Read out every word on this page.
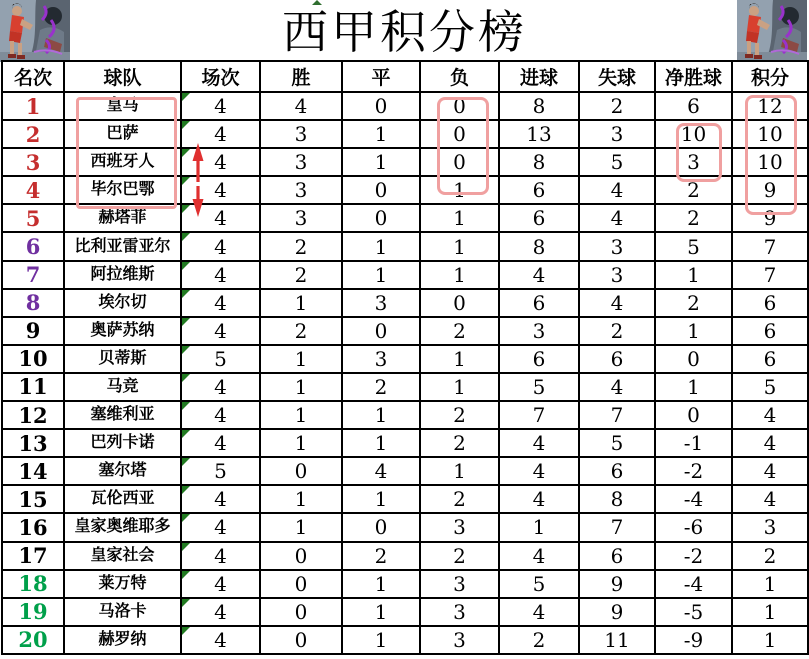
西甲积分榜
名次	球队	场次	胜	平	负	进球	失球	净胜球	积分
1	皇马	4	4	0	0	8	2	6	12
2	巴萨	4	3	1	0	13	3	10	10
3	西班牙人	4	3	1	0	8	5	3	10
4	毕尔巴鄂	4	3	0	1	6	4	2	9
5	赫塔菲	4	3	0	1	6	4	2	9
6	比利亚雷亚尔	4	2	1	1	8	3	5	7
7	阿拉维斯	4	2	1	1	4	3	1	7
8	埃尔切	4	1	3	0	6	4	2	6
9	奥萨苏纳	4	2	0	2	3	2	1	6
10	贝蒂斯	5	1	3	1	6	6	0	6
11	马竞	4	1	2	1	5	4	1	5
12	塞维利亚	4	1	1	2	7	7	0	4
13	巴列卡诺	4	1	1	2	4	5	-1	4
14	塞尔塔	5	0	4	1	4	6	-2	4
15	瓦伦西亚	4	1	1	2	4	8	-4	4
16	皇家奥维耶多	4	1	0	3	1	7	-6	3
17	皇家社会	4	0	2	2	4	6	-2	2
18	莱万特	4	0	1	3	5	9	-4	1
19	马洛卡	4	0	1	3	4	9	-5	1
20	赫罗纳	4	0	1	3	2	11	-9	1
